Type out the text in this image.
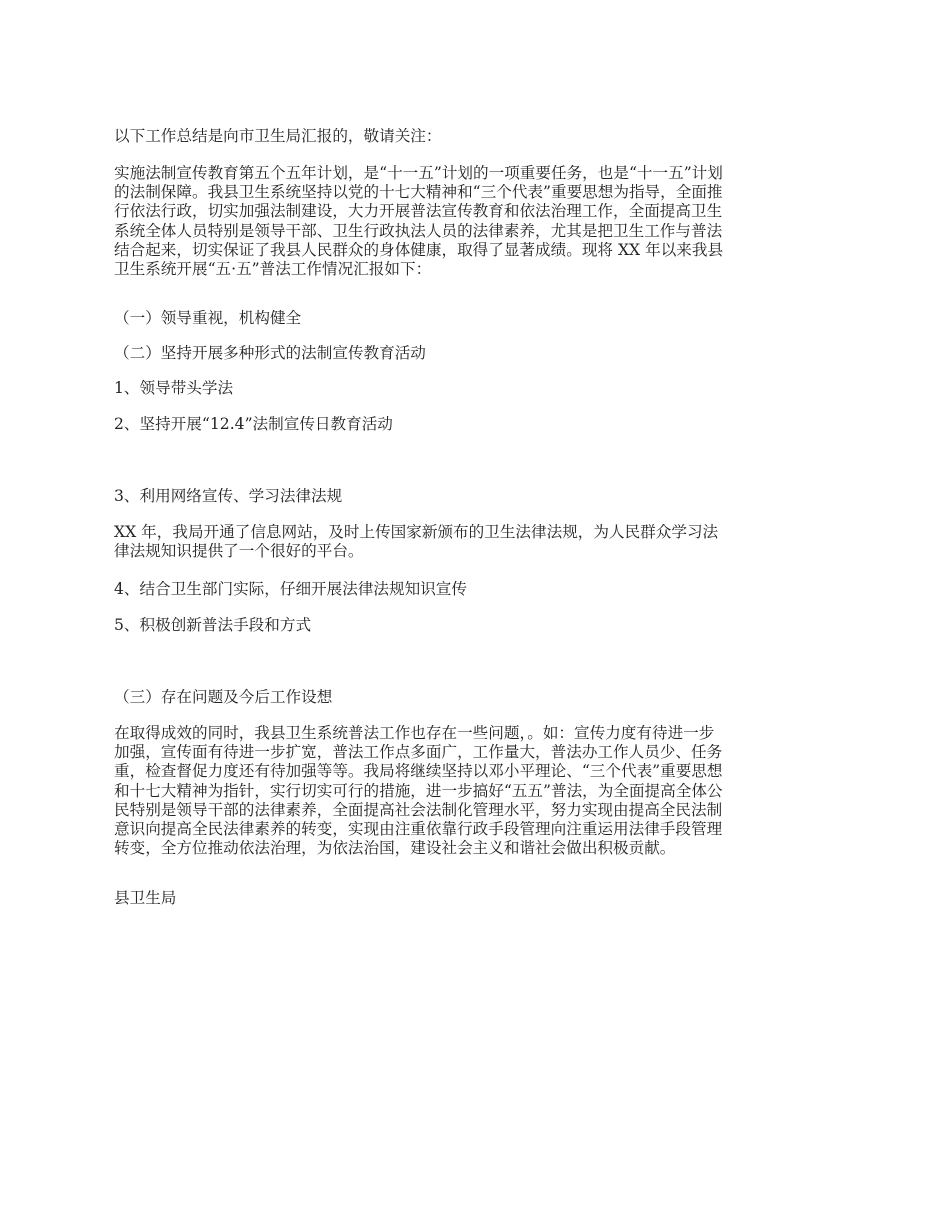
以下工作总结是向市卫生局汇报的，敬请关注：

实施法制宣传教育第五个五年计划，是“十一五”计划的一项重要任务，也是“十一五”计划
的法制保障。我县卫生系统坚持以党的十七大精神和“三个代表”重要思想为指导，全面推
行依法行政，切实加强法制建设，大力开展普法宣传教育和依法治理工作，全面提高卫生
系统全体人员特别是领导干部、卫生行政执法人员的法律素养，尤其是把卫生工作与普法
结合起来，切实保证了我县人民群众的身体健康，取得了显著成绩。现将 XX 年以来我县
卫生系统开展“五·五”普法工作情况汇报如下：

（一）领导重视，机构健全

（二）坚持开展多种形式的法制宣传教育活动

1、领导带头学法

2、坚持开展“12.4”法制宣传日教育活动

3、利用网络宣传、学习法律法规

XX 年，我局开通了信息网站，及时上传国家新颁布的卫生法律法规，为人民群众学习法
律法规知识提供了一个很好的平台。

4、结合卫生部门实际，仔细开展法律法规知识宣传

5、积极创新普法手段和方式

（三）存在问题及今后工作设想

在取得成效的同时，我县卫生系统普法工作也存在一些问题，。如：宣传力度有待进一步
加强，宣传面有待进一步扩宽，普法工作点多面广，工作量大，普法办工作人员少、任务
重，检查督促力度还有待加强等等。我局将继续坚持以邓小平理论、“三个代表”重要思想
和十七大精神为指针，实行切实可行的措施，进一步搞好“五五”普法，为全面提高全体公
民特别是领导干部的法律素养，全面提高社会法制化管理水平，努力实现由提高全民法制
意识向提高全民法律素养的转变，实现由注重依靠行政手段管理向注重运用法律手段管理
转变，全方位推动依法治理，为依法治国，建设社会主义和谐社会做出积极贡献。

县卫生局
